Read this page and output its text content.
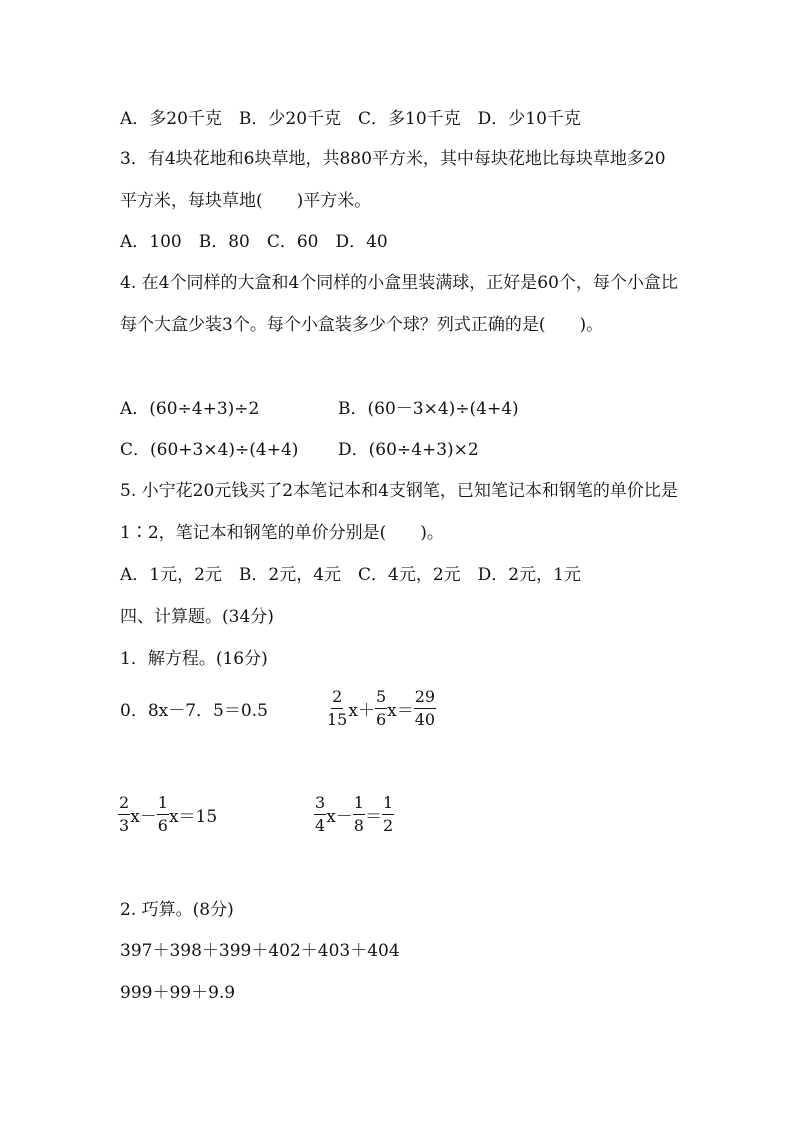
A．多20千克　B．少20千克　C．多10千克　D．少10千克
3．有4块花地和6块草地，共880平方米，其中每块花地比每块草地多20平方米，每块草地(　　)平方米。
A．100　B．80　C．60　D．40
4. 在4个同样的大盒和4个同样的小盒里装满球，正好是60个，每个小盒比每个大盒少装3个。每个小盒装多少个球？列式正确的是(　　)。
A．(60÷4+3)÷2	B．(60－3×4)÷(4+4)
C．(60+3×4)÷(4+4) D．(60÷4+3)×2
5. 小宁花20元钱买了2本笔记本和4支钢笔，已知笔记本和钢笔的单价比是1∶2，笔记本和钢笔的单价分别是(　　)。
A．1元，2元　B．2元，4元　C．4元，2元　D．2元，1元
四、计算题。(34分)
1．解方程。(16分)
0．8x－7．5＝0.5	$\frac{2}{15} x+ \frac{5}{6} x= \frac{29}{40}$
$\frac{2}{3} x- \frac{1}{6} x=15$	$\frac{3}{4} x- \frac{1}{8} = \frac{1}{2}$
2. 巧算。(8分)
397＋398＋399＋402＋403＋404
999＋99＋9.9
